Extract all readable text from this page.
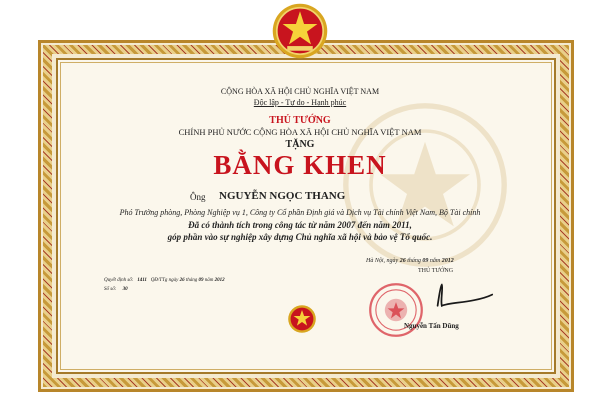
CỘNG HÒA XÃ HỘI CHỦ NGHĨA VIỆT NAM
Độc lập - Tự do - Hạnh phúc
THỦ TƯỚNG
CHÍNH PHỦ NƯỚC CỘNG HÒA XÃ HỘI CHỦ NGHĨA VIỆT NAM
TẶNG
BẰNG KHEN
Ông NGUYỄN NGỌC THANG
Phó Trưởng phòng, Phòng Nghiệp vụ 1, Công ty Cổ phần Định giá và Dịch vụ Tài chính Việt Nam, Bộ Tài chính
Đã có thành tích trong công tác từ năm 2007 đến năm 2011,
góp phần vào sự nghiệp xây dựng Chủ nghĩa xã hội và bảo vệ Tổ quốc.
Hà Nội, ngày 26 tháng 09 năm 2012
THỦ TƯỚNG
Quyết định số: 1411 QĐ/TTg ngày 26 tháng 09 năm 2012
Số sổ: 30
Nguyễn Tấn Dũng
